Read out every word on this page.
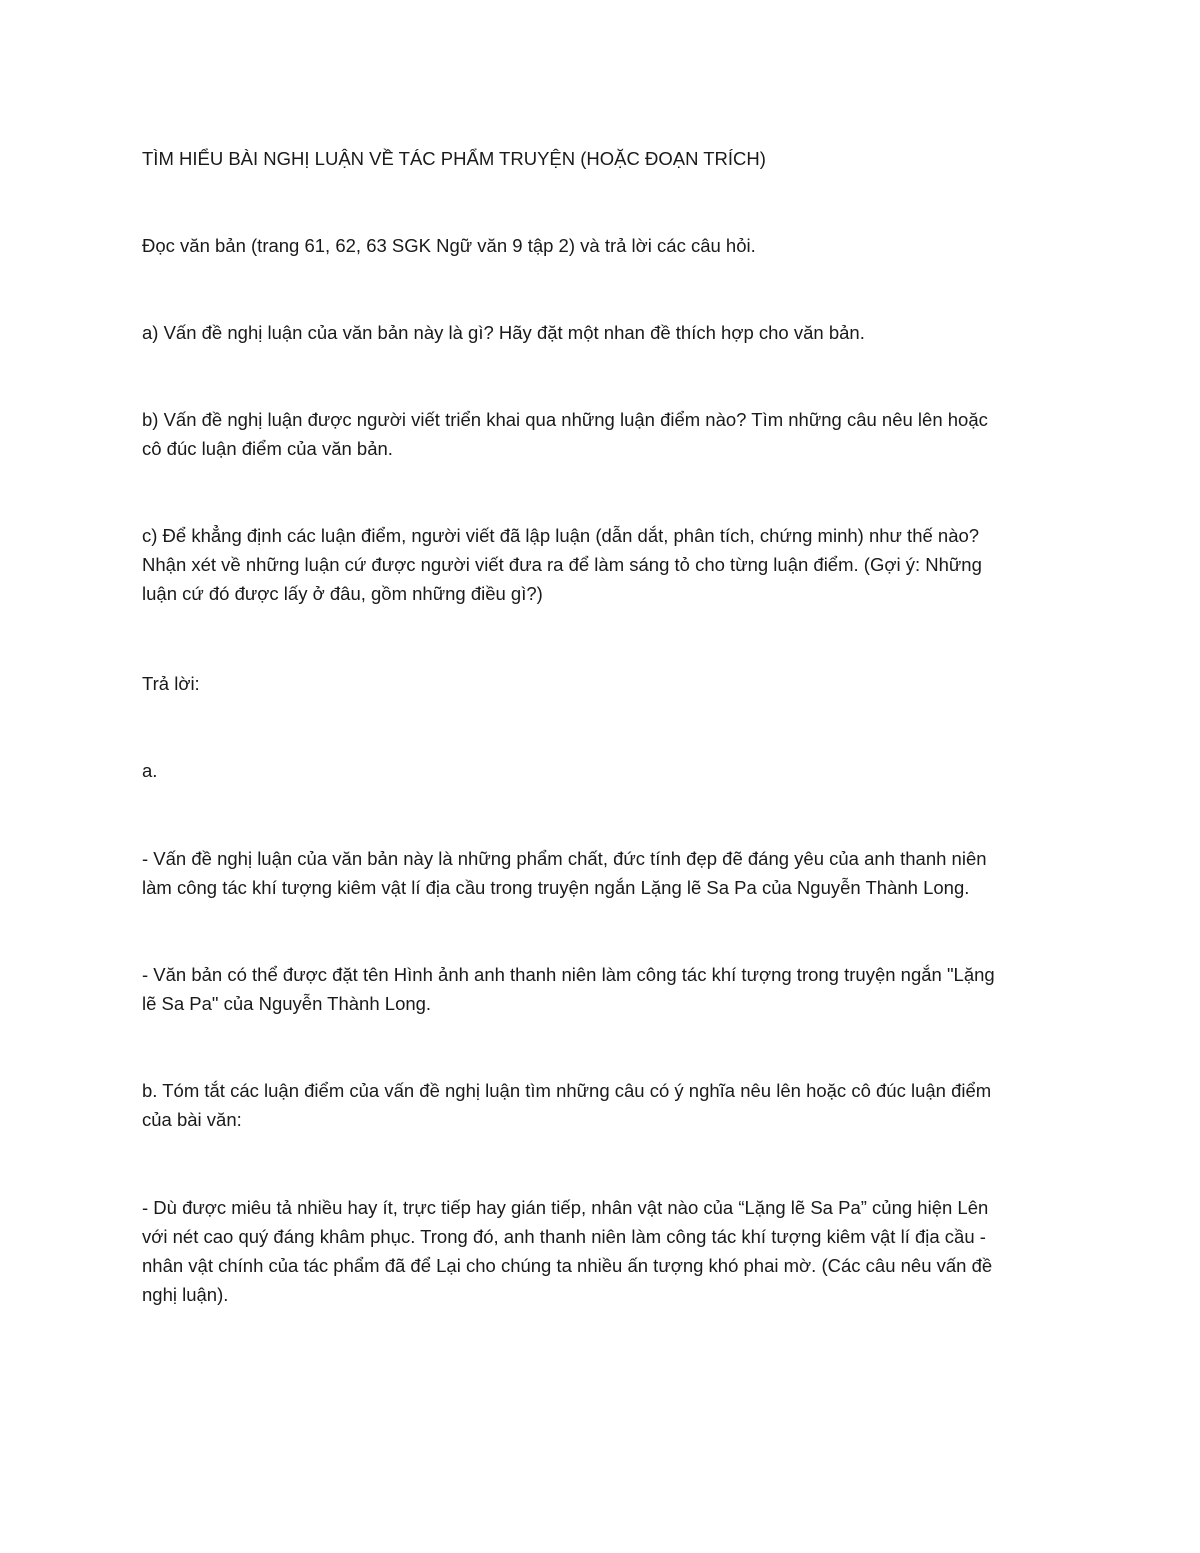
TÌM HIỂU BÀI NGHỊ LUẬN VỀ TÁC PHẨM TRUYỆN (HOẶC ĐOẠN TRÍCH)

Đọc văn bản (trang 61, 62, 63 SGK Ngữ văn 9 tập 2) và trả lời các câu hỏi.

a) Vấn đề nghị luận của văn bản này là gì? Hãy đặt một nhan đề thích hợp cho văn bản.

b) Vấn đề nghị luận được người viết triển khai qua những luận điểm nào? Tìm những câu nêu lên hoặc
cô đúc luận điểm của văn bản.

c) Để khẳng định các luận điểm, người viết đã lập luận (dẫn dắt, phân tích, chứng minh) như thế nào?
Nhận xét về những luận cứ được người viết đưa ra để làm sáng tỏ cho từng luận điểm. (Gợi ý: Những
luận cứ đó được lấy ở đâu, gồm những điều gì?)

Trả lời:

a.

- Vấn đề nghị luận của văn bản này là những phẩm chất, đức tính đẹp đẽ đáng yêu của anh thanh niên
làm công tác khí tượng kiêm vật lí địa cầu trong truyện ngắn Lặng lẽ Sa Pa của Nguyễn Thành Long.

- Văn bản có thể được đặt tên Hình ảnh anh thanh niên làm công tác khí tượng trong truyện ngắn "Lặng
lẽ Sa Pa" của Nguyễn Thành Long.

b. Tóm tắt các luận điểm của vấn đề nghị luận tìm những câu có ý nghĩa nêu lên hoặc cô đúc luận điểm
của bài văn:

- Dù được miêu tả nhiều hay ít, trực tiếp hay gián tiếp, nhân vật nào của “Lặng lẽ Sa Pa” củng hiện Lên
với nét cao quý đáng khâm phục. Trong đó, anh thanh niên làm công tác khí tượng kiêm vật lí địa cầu -
nhân vật chính của tác phẩm đã để Lại cho chúng ta nhiều ấn tượng khó phai mờ. (Các câu nêu vấn đề
nghị luận).
